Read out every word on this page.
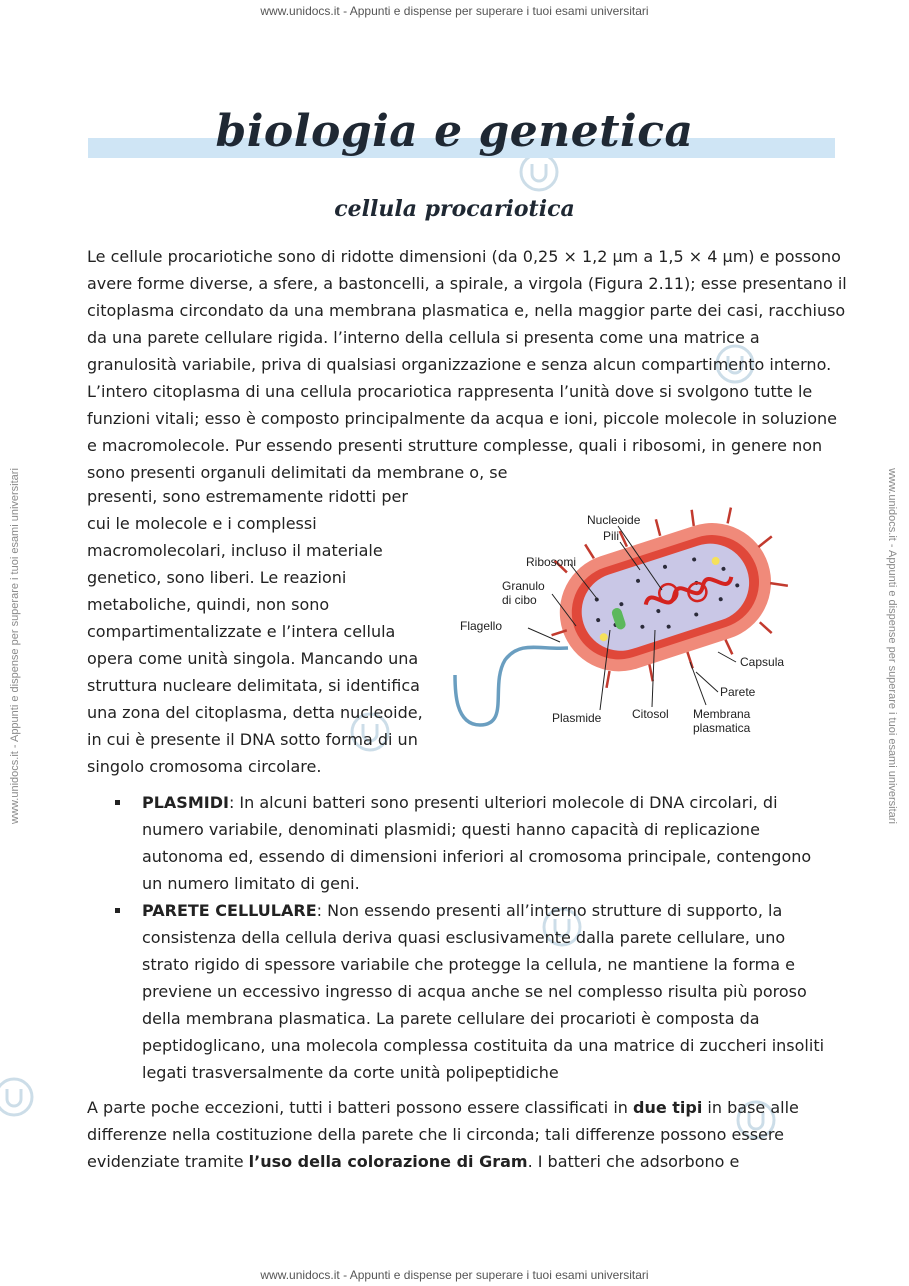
www.unidocs.it - Appunti e dispense per superare i tuoi esami universitari
www.unidocs.it - Appunti e dispense per superare i tuoi esami universitari
www.unidocs.it - Appunti e dispense per superare i tuoi esami universitari	www.unidocs.it - Appunti e dispense per superare i tuoi esami universitari
biologia e genetica
cellula procariotica
Le cellule procariotiche sono di ridotte dimensioni (da 0,25 × 1,2 μm a 1,5 × 4 μm) e possono avere forme diverse, a sfere, a bastoncelli, a spirale, a virgola (Figura 2.11); esse presentano il citoplasma circondato da una membrana plasmatica e, nella maggior parte dei casi, racchiuso da una parete cellulare rigida. l’interno della cellula si presenta come una matrice a granulosità variabile, priva di qualsiasi organizzazione e senza alcun compartimento interno. L’intero citoplasma di una cellula procariotica rappresenta l’unità dove si svolgono tutte le funzioni vitali; esso è composto principalmente da acqua e ioni, piccole molecole in soluzione e macromolecole. Pur essendo presenti strutture complesse, quali i ribosomi, in genere non sono presenti organuli delimitati da membrane o, se
presenti, sono estremamente ridotti per cui le molecole e i complessi macromolecolari, incluso il materiale genetico, sono liberi. Le reazioni metaboliche, quindi, non sono compartimentalizzate e l’intera cellula opera come unità singola. Mancando una struttura nucleare delimitata, si identifica una zona del citoplasma, detta nucleoide, in cui è presente il DNA sotto forma di un singolo cromosoma circolare.
Nucleoide
Pili
Ribosomi
Granulo
di cibo
Flagello
Capsula
Parete
Plasmide	Citosol Membrana
plasmatica
PLASMIDI: In alcuni batteri sono presenti ulteriori molecole di DNA circolari, di numero variabile, denominati plasmidi; questi hanno capacità di replicazione autonoma ed, essendo di dimensioni inferiori al cromosoma principale, contengono un numero limitato di geni.
PARETE CELLULARE: Non essendo presenti all’interno strutture di supporto, la consistenza della cellula deriva quasi esclusivamente dalla parete cellulare, uno strato rigido di spessore variabile che protegge la cellula, ne mantiene la forma e previene un eccessivo ingresso di acqua anche se nel complesso risulta più poroso della membrana plasmatica. La parete cellulare dei procarioti è composta da peptidoglicano, una molecola complessa costituita da una matrice di zuccheri insoliti legati trasversalmente da corte unità polipeptidiche
A parte poche eccezioni, tutti i batteri possono essere classificati in due tipi in base alle differenze nella costituzione della parete che li circonda; tali differenze possono essere evidenziate tramite l’uso della colorazione di Gram. I batteri che adsorbono e
